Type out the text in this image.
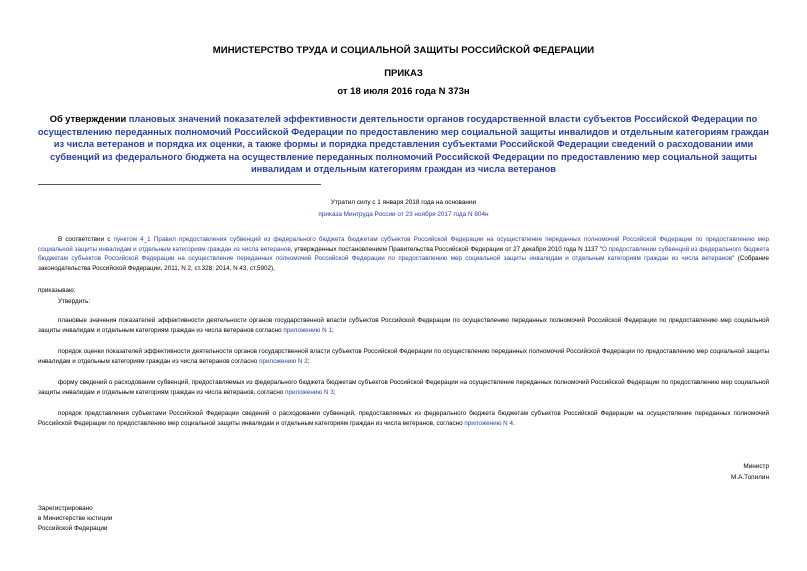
МИНИСТЕРСТВО ТРУДА И СОЦИАЛЬНОЙ ЗАЩИТЫ РОССИЙСКОЙ ФЕДЕРАЦИИ
ПРИКАЗ
от 18 июля 2016 года N 373н
Об утверждении плановых значений показателей эффективности деятельности органов государственной власти субъектов Российской Федерации по осуществлению переданных полномочий Российской Федерации по предоставлению мер социальной защиты инвалидов и отдельным категориям граждан из числа ветеранов и порядка их оценки, а также формы и порядка представления субъектами Российской Федерации сведений о расходовании ими субвенций из федерального бюджета на осуществление переданных полномочий Российской Федерации по предоставлению мер социальной защиты инвалидам и отдельным категориям граждан из числа ветеранов
Утратил силу с 1 января 2018 года на основании
приказа Минтруда России от 23 ноября 2017 года N 804н
В соответствии с пунктом 4_1 Правил предоставления субвенций из федерального бюджета бюджетам субъектов Российской Федерации на осуществление переданных полномочий Российской Федерации по предоставлению мер социальной защиты инвалидам и отдельным категориям граждан из числа ветеранов, утвержденных постановлением Правительства Российской Федерации от 27 декабря 2010 года N 1137 "О предоставлении субвенций из федерального бюджета бюджетам субъектов Российской Федерации на осуществление переданных полномочий Российской Федерации по предоставлению мер социальной защиты инвалидам и отдельным категориям граждан из числа ветеранов" (Собрание законодательства Российской Федерации, 2011, N 2, ст.328; 2014, N 43, ст.5902),
приказываю:
Утвердить:
плановые значения показателей эффективности деятельности органов государственной власти субъектов Российской Федерации по осуществлению переданных полномочий Российской Федерации по предоставлению мер социальной защиты инвалидам и отдельным категориям граждан из числа ветеранов согласно приложению N 1;
порядок оценки показателей эффективности деятельности органов государственной власти субъектов Российской Федерации по осуществлению переданных полномочий Российской Федерации по предоставлению мер социальной защиты инвалидам и отдельным категориям граждан из числа ветеранов согласно приложению N 2;
форму сведений о расходовании субвенций, предоставляемых из федерального бюджета бюджетам субъектов Российской Федерации на осуществление переданных полномочий Российской Федерации по предоставлению мер социальной защиты инвалидам и отдельным категориям граждан из числа ветеранов, согласно приложению N 3;
порядок представления субъектами Российской Федерации сведений о расходовании субвенций, предоставляемых из федерального бюджета бюджетам субъектов Российской Федерации на осуществление переданных полномочий Российской Федерации по предоставлению мер социальной защиты инвалидам и отдельным категориям граждан из числа ветеранов, согласно приложению N 4.
Министр
М.А.Топилин
Зарегистрировано
в Министерстве юстиции
Российской Федерации
